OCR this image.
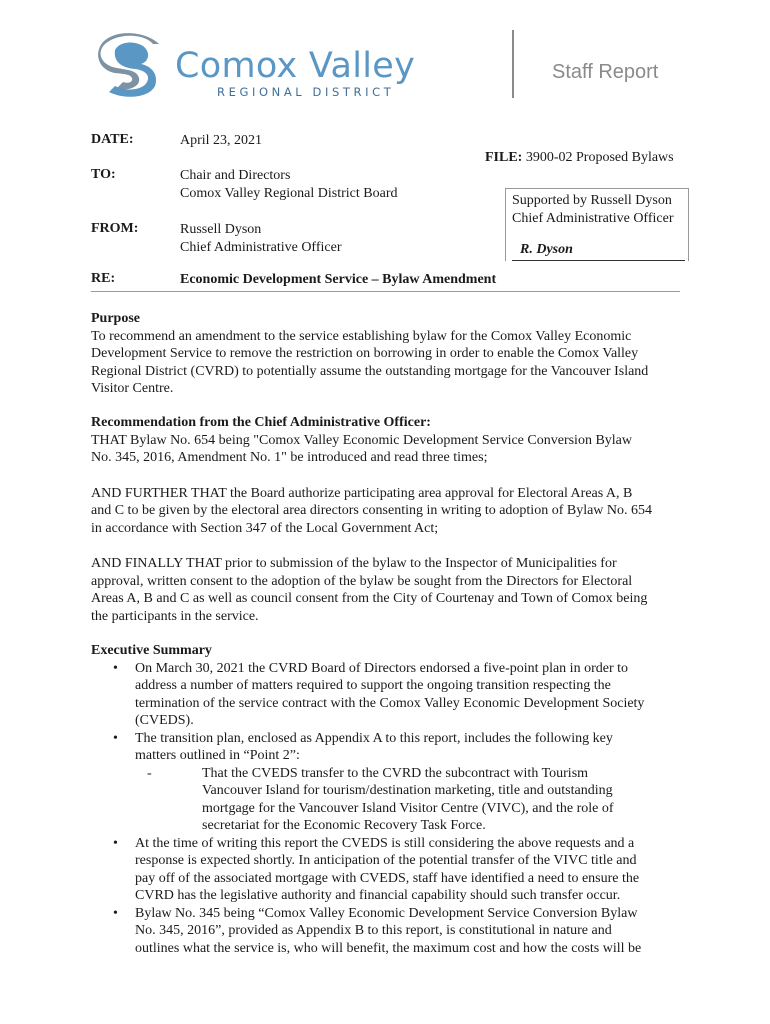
Comox Valley
REGIONAL DISTRICT
Staff Report
DATE:	April 23, 2021
FILE: 3900-02 Proposed Bylaws
TO:	Chair and Directors
Comox Valley Regional District Board	Supported by Russell Dyson
Chief Administrative Officer
R. Dyson
FROM:	Russell Dyson
Chief Administrative Officer
RE:	Economic Development Service – Bylaw Amendment
Purpose
To recommend an amendment to the service establishing bylaw for the Comox Valley Economic
Development Service to remove the restriction on borrowing in order to enable the Comox Valley
Regional District (CVRD) to potentially assume the outstanding mortgage for the Vancouver Island
Visitor Centre.
Recommendation from the Chief Administrative Officer:
THAT Bylaw No. 654 being "Comox Valley Economic Development Service Conversion Bylaw
No. 345, 2016, Amendment No. 1" be introduced and read three times;
AND FURTHER THAT the Board authorize participating area approval for Electoral Areas A, B
and C to be given by the electoral area directors consenting in writing to adoption of Bylaw No. 654
in accordance with Section 347 of the Local Government Act;
AND FINALLY THAT prior to submission of the bylaw to the Inspector of Municipalities for
approval, written consent to the adoption of the bylaw be sought from the Directors for Electoral
Areas A, B and C as well as council consent from the City of Courtenay and Town of Comox being
the participants in the service.
Executive Summary
• On March 30, 2021 the CVRD Board of Directors endorsed a five-point plan in order to
address a number of matters required to support the ongoing transition respecting the
termination of the service contract with the Comox Valley Economic Development Society
(CVEDS).
• The transition plan, enclosed as Appendix A to this report, includes the following key
matters outlined in “Point 2”:
-	That the CVEDS transfer to the CVRD the subcontract with Tourism
Vancouver Island for tourism/destination marketing, title and outstanding
mortgage for the Vancouver Island Visitor Centre (VIVC), and the role of
secretariat for the Economic Recovery Task Force.
• At the time of writing this report the CVEDS is still considering the above requests and a
response is expected shortly. In anticipation of the potential transfer of the VIVC title and
pay off of the associated mortgage with CVEDS, staff have identified a need to ensure the
CVRD has the legislative authority and financial capability should such transfer occur.
• Bylaw No. 345 being “Comox Valley Economic Development Service Conversion Bylaw
No. 345, 2016”, provided as Appendix B to this report, is constitutional in nature and
outlines what the service is, who will benefit, the maximum cost and how the costs will be
